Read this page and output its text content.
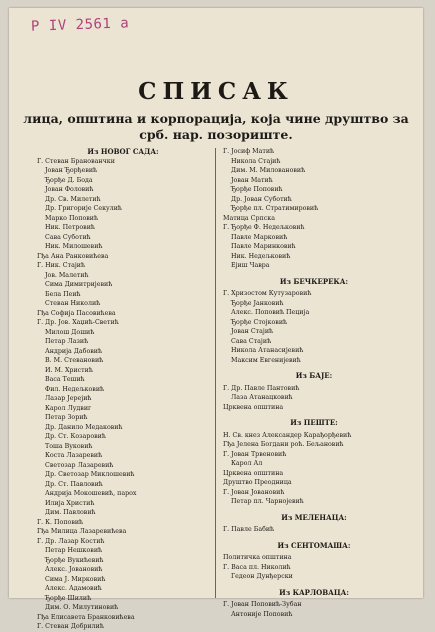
P IV 2561 а
СПИСАК
лица, општина и корпорација, која чине друштво за
срб. нар. позориште.
Из НОВОГ САДА:
Г. Стеван Бранованчки
Јован Ђорђевић
Ђорђе Д. Бода
Јован Фоловић
Др. Св. Милетић
Др. Григорије Секулић
Марко Поповић
Ник. Петровић
Сава Суботић
Ник. Милошевић
Гђа Ана Ранковићева
Г. Ник. Стајић
Јов. Малетић
Сима Димитријевић
Бела Пеић
Стеван Николић
Гђа Софија Пасовићева
Г. Др. Јов. Хаџић-Светић
Милош Дошић
Петар Лазић
Андрија Дабовић
В. М. Стевановић
И. М. Христић
Васа Тешић
Фил. Недељковић
Лазар Јерејић
Карол Лудвиг
Петар Зорић
Др. Данило Медаковић
Др. Ст. Козаровић
Тоша Вуковић
Коста Лазаревић
Светозар Лазаревић
Др. Светозар Миклошевић
Др. Ст. Павловић
Андрија Мокошевић, парох
Илија Христић
Дим. Павловић
Г. К. Поповић
Гђа Милица Лазаревићева
Г. Др. Лазар Костић
Петар Нешковић
Ђорђе Вукићевић
Алекс. Јовановић
Сима Ј. Мирковић
Алекс. Адамовић
Ђорђе Шилић
Дим. О. Милутиновић
Гђа Елисавета Бранковићева
Г. Стеван Добрилић
Г. Јосиф Матић
Никола Стајић
Дим. М. Миловановић
Јован Матић
Ђорђе Поповић
Др. Јован Суботић
Ђорђе пл. Стратимировић
Матица Српска
Г. Ђорђе Ф. Недељковић
Павле Марковић
Павле Маринковић
Ник. Недељковић
Ејиш Чавра
Из БЕЧКЕРЕКА:
Г. Хризостом Кутузаровић
Ђорђе Јанковић
Алекс. Поповић Пеција
Ђорђе Стојковић
Јован Стајић
Сава Стајић
Никола Атанасијевић
Максим Евгенијевић
Из БАЈЕ:
Г. Др. Павле Пантовић
Лаза Атанацковић
Црквена општина
Из ПЕШТЕ:
Н. Св. кнез Александер Карађорђевић
Гђа Јелена Богдани роћ. Бељановић
Г. Јован Трвеновић
Карол Ал
Црквена општина
Друштво Преодница
Г. Јован Јовановић
Петар пл. Чарнојевић
Из МЕЛЕНАЦА:
Г. Павле Бабић
Из СЕНТОМАША:
Политичка општина
Г. Васа пл. Николић
Гедеон Дунђерски
Из КАРЛОВАЦА:
Г. Јован Поповић-Зубан
Антоније Поповић
